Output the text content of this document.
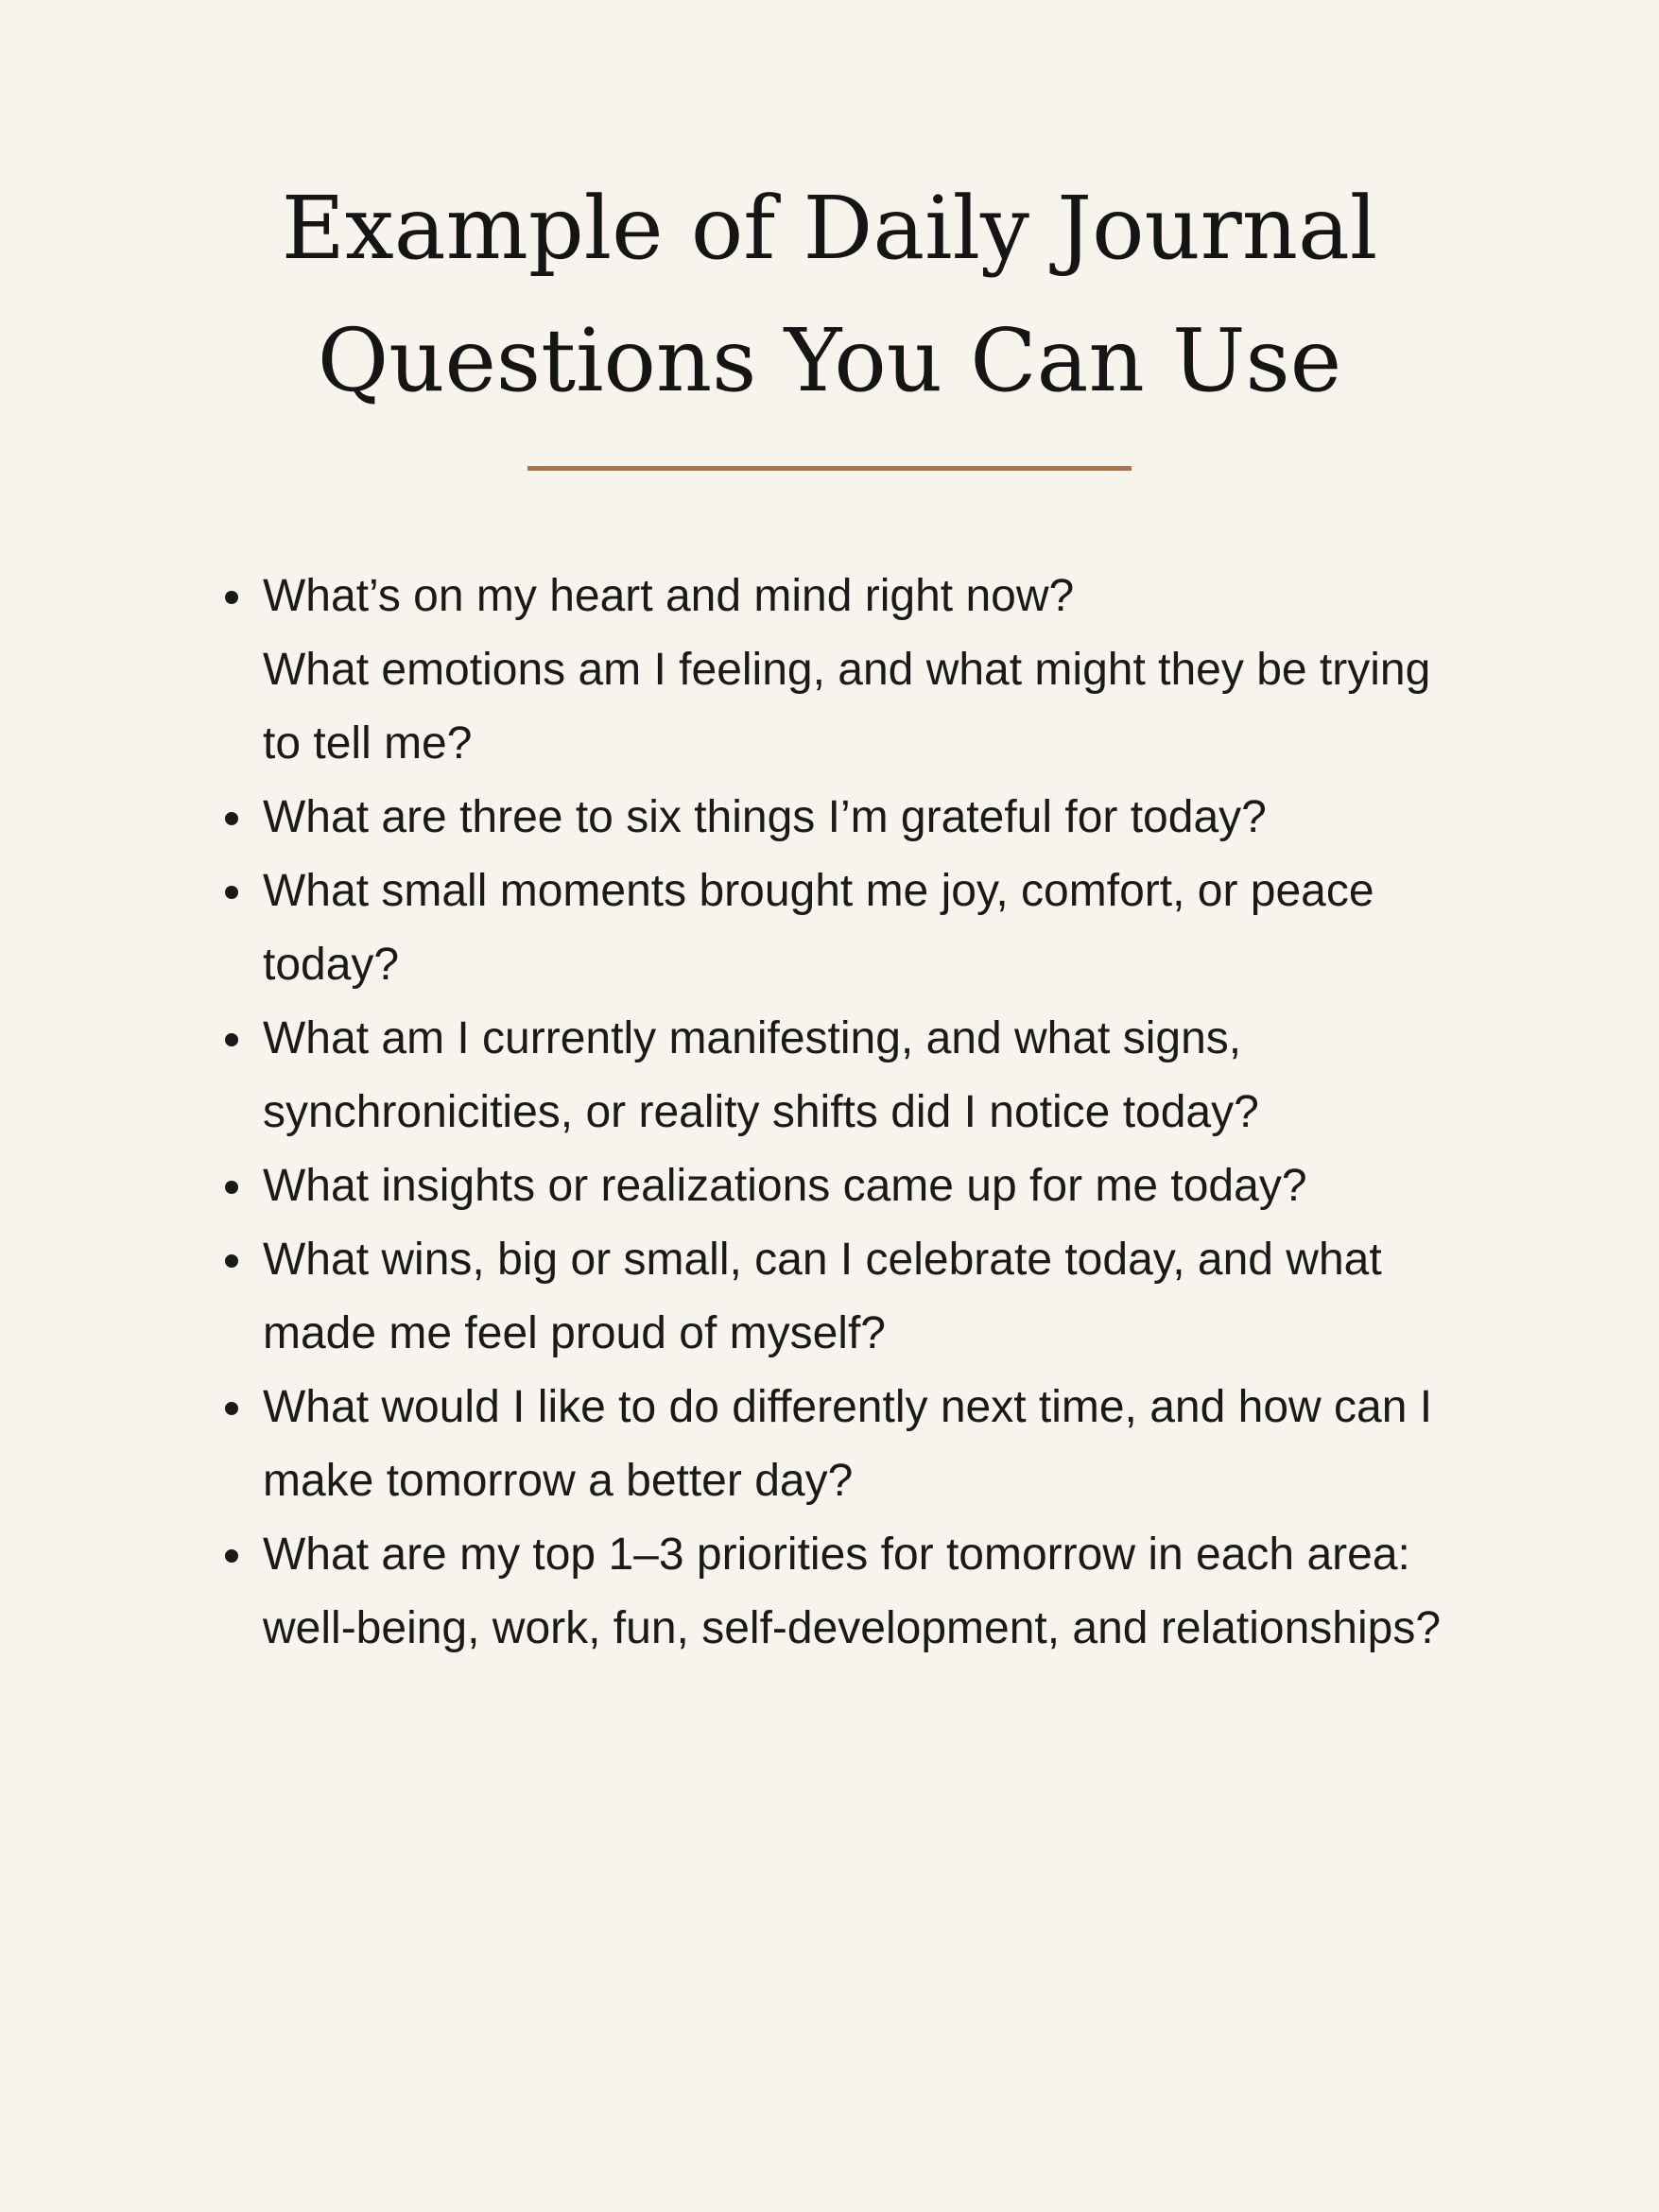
Example of Daily Journal
Questions You Can Use
What’s on my heart and mind right now?
What emotions am I feeling, and what might they be trying to tell me?
What are three to six things I’m grateful for today?
What small moments brought me joy, comfort, or peace today?
What am I currently manifesting, and what signs, synchronicities, or reality shifts did I notice today?
What insights or realizations came up for me today?
What wins, big or small, can I celebrate today, and what made me feel proud of myself?
What would I like to do differently next time, and how can I make tomorrow a better day?
What are my top 1–3 priorities for tomorrow in each area: well-being, work, fun, self-development, and relationships?
